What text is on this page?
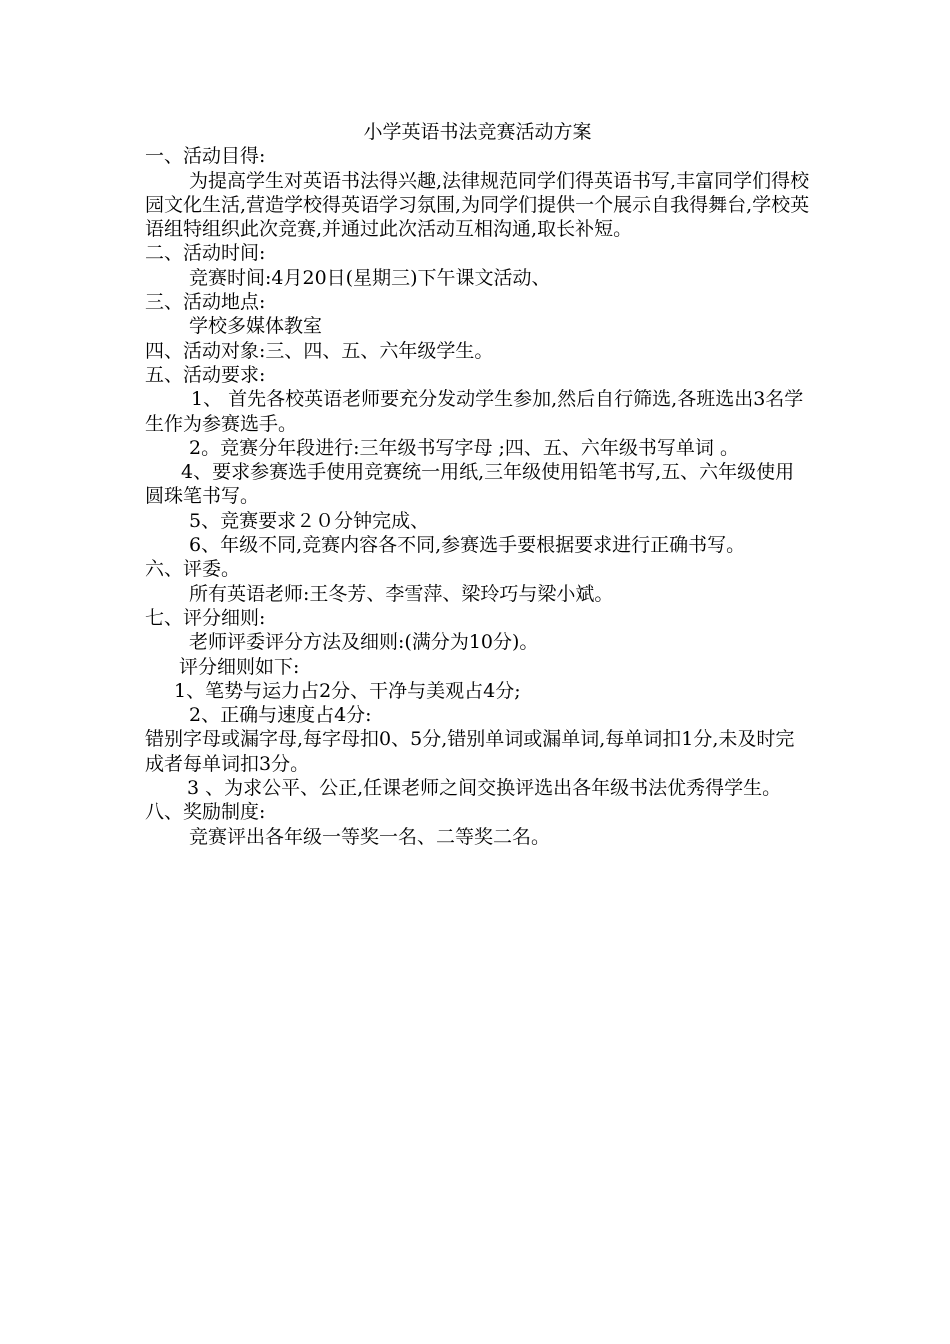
小学英语书法竞赛活动方案

一、活动目得:

为提高学生对英语书法得兴趣,法律规范同学们得英语书写,丰富同学们得校园文化生活,营造学校得英语学习氛围,为同学们提供一个展示自我得舞台,学校英语组特组织此次竞赛,并通过此次活动互相沟通,取长补短。

二、活动时间:

竞赛时间:4月20日(星期三)下午课文活动、

三、活动地点:

学校多媒体教室

四、活动对象:三、四、五、六年级学生。

五、活动要求:

1、 首先各校英语老师要充分发动学生参加,然后自行筛选,各班选出3名学生作为参赛选手。

2。竞赛分年段进行:三年级书写字母 ;四、五、六年级书写单词 。

4、要求参赛选手使用竞赛统一用纸,三年级使用铅笔书写,五、六年级使用圆珠笔书写。

5、竞赛要求２０分钟完成、

6、年级不同,竞赛内容各不同,参赛选手要根据要求进行正确书写。

六、评委。

所有英语老师:王冬芳、李雪萍、梁玲巧与梁小斌。

七、评分细则:

老师评委评分方法及细则:(满分为10分)。

评分细则如下:

1、笔势与运力占2分、干净与美观占4分;

2、正确与速度占4分:

错别字母或漏字母,每字母扣0、5分,错别单词或漏单词,每单词扣1分,未及时完成者每单词扣3分。

3 、为求公平、公正,任课老师之间交换评选出各年级书法优秀得学生。

八、奖励制度:

竞赛评出各年级一等奖一名、二等奖二名。
